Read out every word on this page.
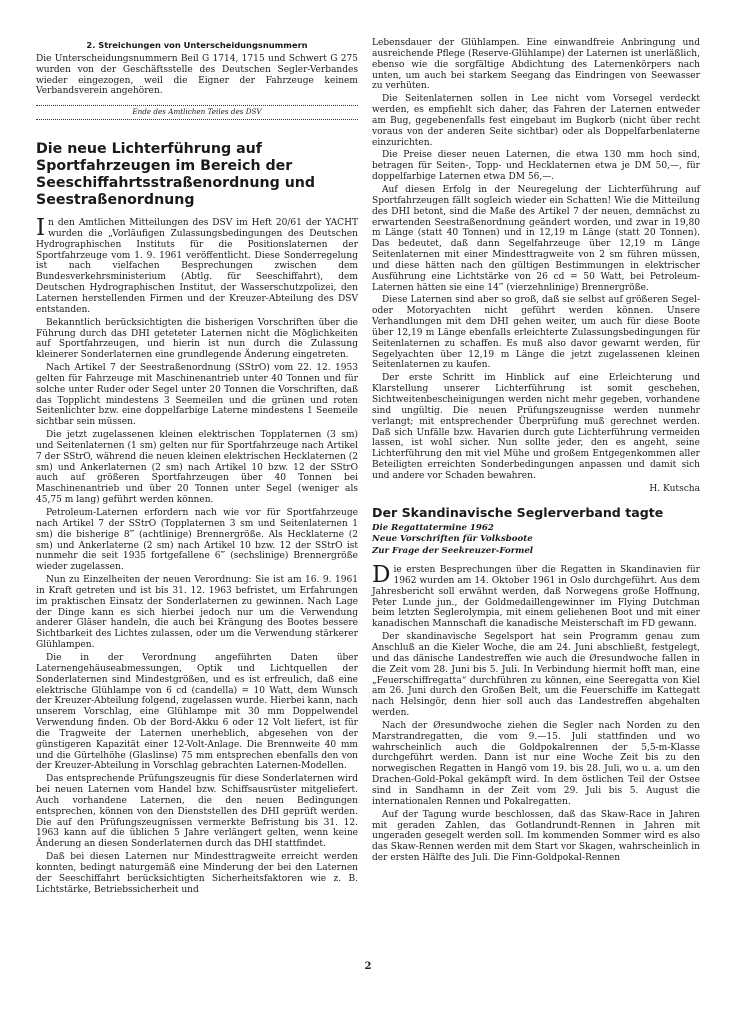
2. Streichungen von Unterscheidungsnummern

Die Unterscheidungsnummern Beil G 1714, 1715 und Schwert G 275 wurden von der Geschäftsstelle des Deutschen Segler-Verbandes wieder eingezogen, weil die Eigner der Fahrzeuge keinem Verbandsverein angehören.

Ende des Amtlichen Teiles des DSV
Die neue Lichterführung auf Sportfahrzeugen im Bereich der Seeschiffahrtsstraßenordnung und Seestraßenordnung

In den Amtlichen Mitteilungen des DSV im Heft 20/61 der YACHT wurden die „Vorläufigen Zulassungsbedingungen des Deutschen Hydrographischen Instituts für die Positionslaternen der Sportfahrzeuge vom 1. 9. 1961 veröffentlicht. Diese Sonderregelung ist nach vielfachen Besprechungen zwischen dem Bundesverkehrsministerium (Abtlg. für Seeschiffahrt), dem Deutschen Hydrographischen Institut, der Wasserschutzpolizei, den Laternen herstellenden Firmen und der Kreuzer-Abteilung des DSV entstanden.

Bekanntlich berücksichtigten die bisherigen Vorschriften über die Führung durch das DHI geteteter Laternen nicht die Möglichkeiten auf Sportfahrzeugen, und hierin ist nun durch die Zulassung kleinerer Sonderlaternen eine grundlegende Änderung eingetreten.

Nach Artikel 7 der Seestraßenordnung (SStrO) vom 22. 12. 1953 gelten für Fahrzeuge mit Maschinenantrieb unter 40 Tonnen und für solche unter Ruder oder Segel unter 20 Tonnen die Vorschriften, daß das Topplicht mindestens 3 Seemeilen und die grünen und roten Seitenlichter bzw. eine doppelfarbige Laterne mindestens 1 Seemeile sichtbar sein müssen.

Die jetzt zugelassenen kleinen elektrischen Topplaternen (3 sm) und Seitenlaternen (1 sm) gelten nur für Sportfahrzeuge nach Artikel 7 der SStrO, während die neuen kleinen elektrischen Hecklaternen (2 sm) und Ankerlaternen (2 sm) nach Artikel 10 bzw. 12 der SStrO auch auf größeren Sportfahrzeugen über 40 Tonnen bei Maschinenantrieb und über 20 Tonnen unter Segel (weniger als 45,75 m lang) geführt werden können.

Petroleum-Laternen erfordern nach wie vor für Sportfahrzeuge nach Artikel 7 der SStrO (Topplaternen 3 sm und Seitenlaternen 1 sm) die bisherige 8‴ (achtlinige) Brennergröße. Als Hecklaterne (2 sm) und Ankerlaterne (2 sm) nach Artikel 10 bzw. 12 der SStrO ist nunmehr die seit 1935 fortgefallene 6‴ (sechslinige) Brennergröße wieder zugelassen.

Nun zu Einzelheiten der neuen Verordnung: Sie ist am 16. 9. 1961 in Kraft getreten und ist bis 31. 12. 1963 befristet, um Erfahrungen im praktischen Einsatz der Sonderlaternen zu gewinnen. Nach Lage der Dinge kann es sich hierbei jedoch nur um die Verwendung anderer Gläser handeln, die auch bei Krängung des Bootes bessere Sichtbarkeit des Lichtes zulassen, oder um die Verwendung stärkerer Glühlampen.

Die in der Verordnung angeführten Daten über Laternengehäuseabmessungen, Optik und Lichtquellen der Sonderlaternen sind Mindestgrößen, und es ist erfreulich, daß eine elektrische Glühlampe von 6 cd (candella) = 10 Watt, dem Wunsch der Kreuzer-Abteilung folgend, zugelassen wurde. Hierbei kann, nach unserem Vorschlag, eine Glühlampe mit 30 mm Doppelwendel Verwendung finden. Ob der Bord-Akku 6 oder 12 Volt liefert, ist für die Tragweite der Laternen unerheblich, abgesehen von der günstigeren Kapazität einer 12-Volt-Anlage. Die Brennweite 40 mm und die Gürtelhöhe (Glaslinse) 75 mm entsprechen ebenfalls den von der Kreuzer-Abteilung in Vorschlag gebrachten Laternen-Modellen.

Das entsprechende Prüfungszeugnis für diese Sonderlaternen wird bei neuen Laternen vom Handel bzw. Schiffsausrüster mitgeliefert. Auch vorhandene Laternen, die den neuen Bedingungen entsprechen, können von den Dienststellen des DHI geprüft werden. Die auf den Prüfungszeugnissen vermerkte Befristung bis 31. 12. 1963 kann auf die üblichen 5 Jahre verlängert gelten, wenn keine Änderung an diesen Sonderlaternen durch das DHI stattfindet.

Daß bei diesen Laternen nur Mindesttragweite erreicht werden konnten, bedingt naturgemäß eine Minderung der bei den Laternen der Seeschiffahrt berücksichtigten Sicherheitsfaktoren wie z. B. Lichtstärke, Betriebssicherheit und

Lebensdauer der Glühlampen. Eine einwandfreie Anbringung und ausreichende Pflege (Reserve-Glühlampe) der Laternen ist unerläßlich, ebenso wie die sorgfältige Abdichtung des Laternenkörpers nach unten, um auch bei starkem Seegang das Eindringen von Seewasser zu verhüten.

Die Seitenlaternen sollen in Lee nicht vom Vorsegel verdeckt werden, es empfiehlt sich daher, das Fahren der Laternen entweder am Bug, gegebenenfalls fest eingebaut im Bugkorb (nicht über recht voraus von der anderen Seite sichtbar) oder als Doppelfarbenlaterne einzurichten.

Die Preise dieser neuen Laternen, die etwa 130 mm hoch sind, betragen für Seiten-, Topp- und Hecklaternen etwa je DM 50,—, für doppelfarbige Laternen etwa DM 56,—.

Auf diesen Erfolg in der Neuregelung der Lichterführung auf Sportfahrzeugen fällt sogleich wieder ein Schatten! Wie die Mitteilung des DHI betont, sind die Maße des Artikel 7 der neuen, demnächst zu erwartenden Seestraßenordnung geändert worden, und zwar in 19,80 m Länge (statt 40 Tonnen) und in 12,19 m Länge (statt 20 Tonnen). Das bedeutet, daß dann Segelfahrzeuge über 12,19 m Länge Seitenlaternen mit einer Mindesttragweite von 2 sm führen müssen, und diese hätten nach den gültigen Bestimmungen in elektrischer Ausführung eine Lichtstärke von 26 cd = 50 Watt, bei Petroleum-Laternen hätten sie eine 14‴ (vierzehnlinige) Brennergröße.

Diese Laternen sind aber so groß, daß sie selbst auf größeren Segel- oder Motoryachten nicht geführt werden können. Unsere Verhandlungen mit dem DHI gehen weiter, um auch für diese Boote über 12,19 m Länge ebenfalls erleichterte Zulassungsbedingungen für Seitenlaternen zu schaffen. Es muß also davor gewarnt werden, für Segelyachten über 12,19 m Länge die jetzt zugelassenen kleinen Seitenlaternen zu kaufen.

Der erste Schritt im Hinblick auf eine Erleichterung und Klarstellung unserer Lichterführung ist somit geschehen, Sichtweitenbescheinigungen werden nicht mehr gegeben, vorhandene sind ungültig. Die neuen Prüfungszeugnisse werden nunmehr verlangt; mit entsprechender Überprüfung muß gerechnet werden. Daß sich Unfälle bzw. Havarien durch gute Lichterführung vermeiden lassen, ist wohl sicher. Nun sollte jeder, den es angeht, seine Lichterführung den mit viel Mühe und großem Entgegenkommen aller Beteiligten erreichten Sonderbedingungen anpassen und damit sich und andere vor Schaden bewahren.

H. Kutscha

Der Skandinavische Seglerverband tagte
Die Regattatermine 1962
Neue Vorschriften für Volksboote
Zur Frage der Seekreuzer-Formel

Die ersten Besprechungen über die Regatten in Skandinavien für 1962 wurden am 14. Oktober 1961 in Oslo durchgeführt. Aus dem Jahresbericht soll erwähnt werden, daß Norwegens große Hoffnung, Peter Lunde jun., der Goldmedaillengewinner im Flying Dutchman beim letzten Seglerolympia, mit einem geliehenen Boot und mit einer kanadischen Mannschaft die kanadische Meisterschaft im FD gewann.

Der skandinavische Segelsport hat sein Programm genau zum Anschluß an die Kieler Woche, die am 24. Juni abschließt, festgelegt, und das dänische Landestreffen wie auch die Øresundwoche fallen in die Zeit vom 28. Juni bis 5. Juli. In Verbindung hiermit hofft man, eine „Feuerschiffregatta“ durchführen zu können, eine Seeregatta von Kiel am 26. Juni durch den Großen Belt, um die Feuerschiffe im Kattegatt nach Helsingör, denn hier soll auch das Landestreffen abgehalten werden.

Nach der Øresundwoche ziehen die Segler nach Norden zu den Marstrandregatten, die vom 9.—15. Juli stattfinden und wo wahrscheinlich auch die Goldpokalrennen der 5,5-m-Klasse durchgeführt werden. Dann ist nur eine Woche Zeit bis zu den norwegischen Regatten in Hangö vom 19. bis 28. Juli, wo u. a. um den Drachen-Gold-Pokal gekämpft wird. In dem östlichen Teil der Ostsee sind in Sandhamn in der Zeit vom 29. Juli bis 5. August die internationalen Rennen und Pokalregatten.

Auf der Tagung wurde beschlossen, daß das Skaw-Race in Jahren mit geraden Zahlen, das Gotlandrundt-Rennen in Jahren mit ungeraden gesegelt werden soll. Im kommenden Sommer wird es also das Skaw-Rennen werden mit dem Start vor Skagen, wahrscheinlich in der ersten Hälfte des Juli. Die Finn-Goldpokal-Rennen

2
